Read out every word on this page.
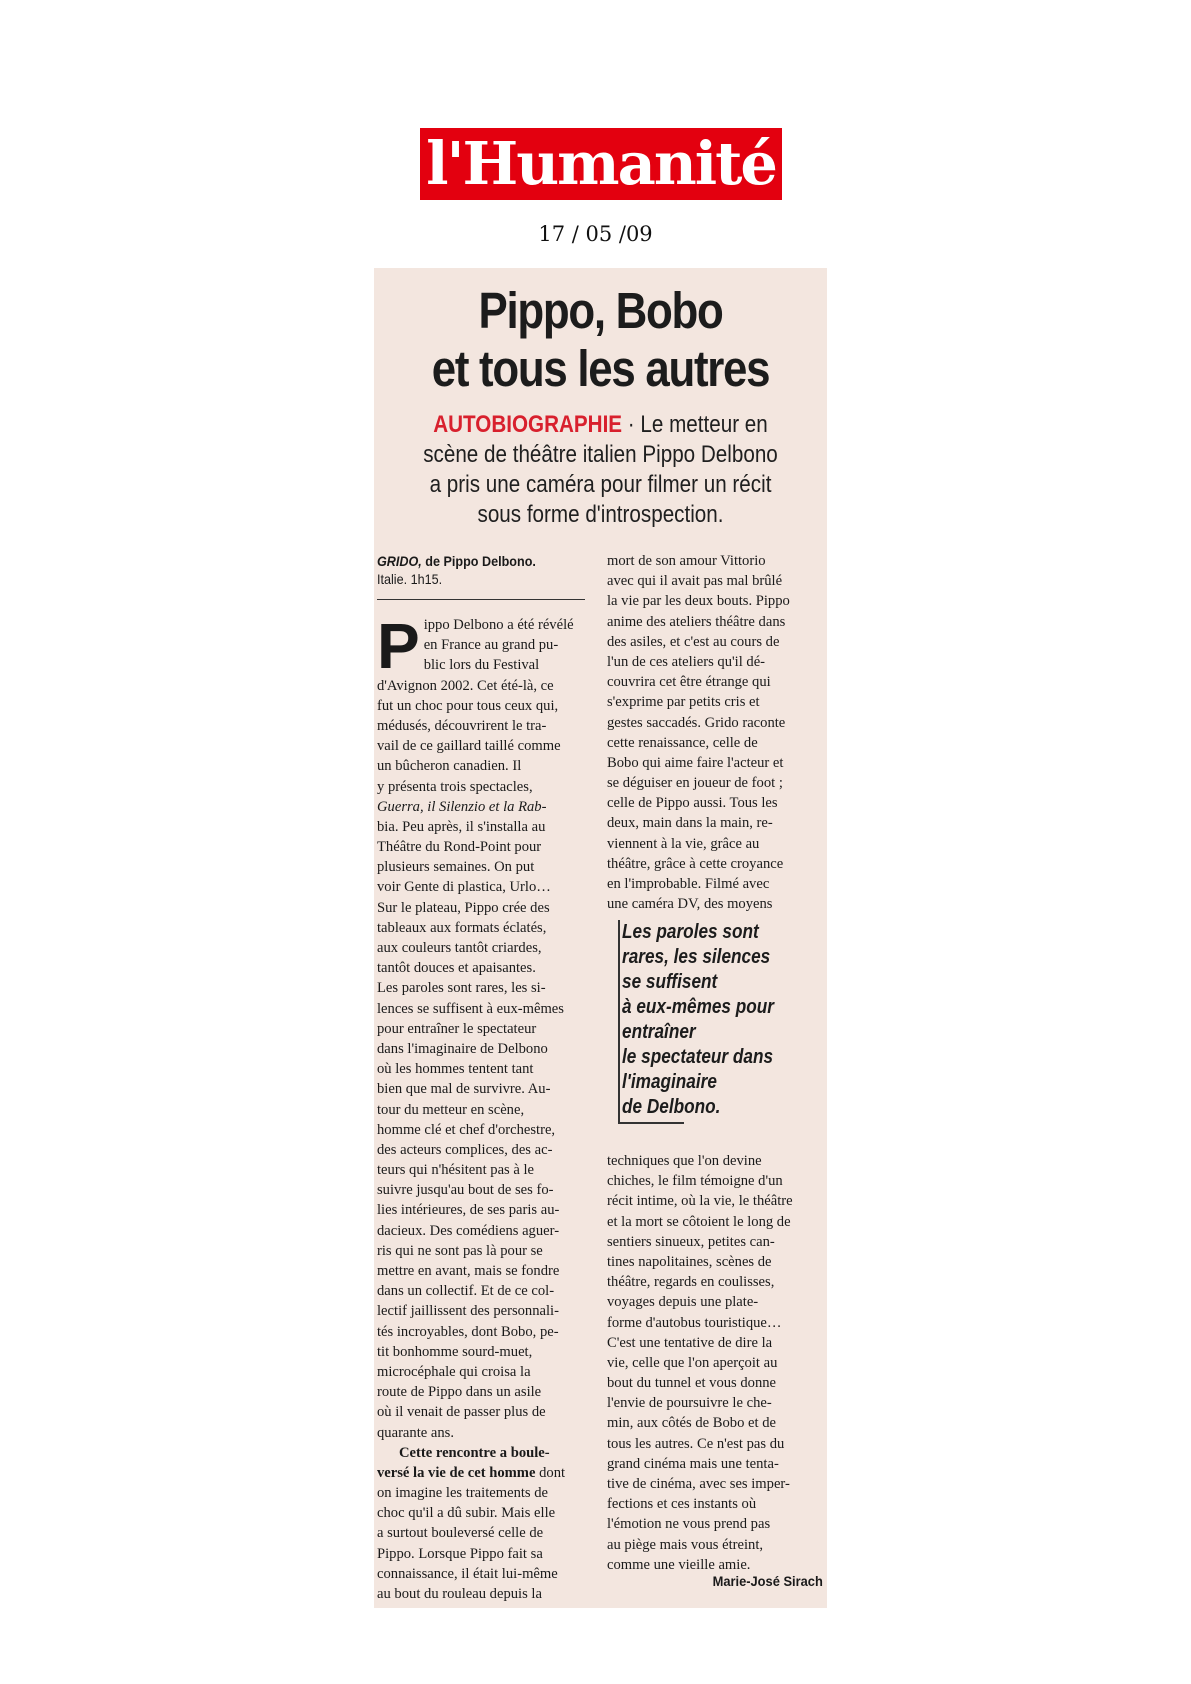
l'Humanité
17 / 05 /09
Pippo, Bobo
et tous les autres
AUTOBIOGRAPHIE · Le metteur en
scène de théâtre italien Pippo Delbono
a pris une caméra pour filmer un récit
sous forme d'introspection.
GRIDO, de Pippo Delbono.
Italie. 1h15.
P ippo Delbono a été révélé
en France au grand pu-
blic lors du Festival
d'Avignon 2002. Cet été-là, ce
fut un choc pour tous ceux qui,
médusés, découvrirent le tra-
vail de ce gaillard taillé comme
un bûcheron canadien. Il
y présenta trois spectacles,
Guerra, il Silenzio et la Rab-
bia. Peu après, il s'installa au
Théâtre du Rond-Point pour
plusieurs semaines. On put
voir Gente di plastica, Urlo…
Sur le plateau, Pippo crée des
tableaux aux formats éclatés,
aux couleurs tantôt criardes,
tantôt douces et apaisantes.
Les paroles sont rares, les si-
lences se suffisent à eux-mêmes
pour entraîner le spectateur
dans l'imaginaire de Delbono
où les hommes tentent tant
bien que mal de survivre. Au-
tour du metteur en scène,
homme clé et chef d'orchestre,
des acteurs complices, des ac-
teurs qui n'hésitent pas à le
suivre jusqu'au bout de ses fo-
lies intérieures, de ses paris au-
dacieux. Des comédiens aguer-
ris qui ne sont pas là pour se
mettre en avant, mais se fondre
dans un collectif. Et de ce col-
lectif jaillissent des personnali-
tés incroyables, dont Bobo, pe-
tit bonhomme sourd-muet,
microcéphale qui croisa la
route de Pippo dans un asile
où il venait de passer plus de
quarante ans.
Cette rencontre a boule-
versé la vie de cet homme dont
on imagine les traitements de
choc qu'il a dû subir. Mais elle
a surtout bouleversé celle de
Pippo. Lorsque Pippo fait sa
connaissance, il était lui-même
au bout du rouleau depuis la
mort de son amour Vittorio
avec qui il avait pas mal brûlé
la vie par les deux bouts. Pippo
anime des ateliers théâtre dans
des asiles, et c'est au cours de
l'un de ces ateliers qu'il dé-
couvrira cet être étrange qui
s'exprime par petits cris et
gestes saccadés. Grido raconte
cette renaissance, celle de
Bobo qui aime faire l'acteur et
se déguiser en joueur de foot ;
celle de Pippo aussi. Tous les
deux, main dans la main, re-
viennent à la vie, grâce au
théâtre, grâce à cette croyance
en l'improbable. Filmé avec
une caméra DV, des moyens
Les paroles sont
rares, les silences
se suffisent
à eux-mêmes pour
entraîner
le spectateur dans
l'imaginaire
de Delbono.
techniques que l'on devine
chiches, le film témoigne d'un
récit intime, où la vie, le théâtre
et la mort se côtoient le long de
sentiers sinueux, petites can-
tines napolitaines, scènes de
théâtre, regards en coulisses,
voyages depuis une plate-
forme d'autobus touristique…
C'est une tentative de dire la
vie, celle que l'on aperçoit au
bout du tunnel et vous donne
l'envie de poursuivre le che-
min, aux côtés de Bobo et de
tous les autres. Ce n'est pas du
grand cinéma mais une tenta-
tive de cinéma, avec ses imper-
fections et ces instants où
l'émotion ne vous prend pas
au piège mais vous étreint,
comme une vieille amie.
Marie-José Sirach
